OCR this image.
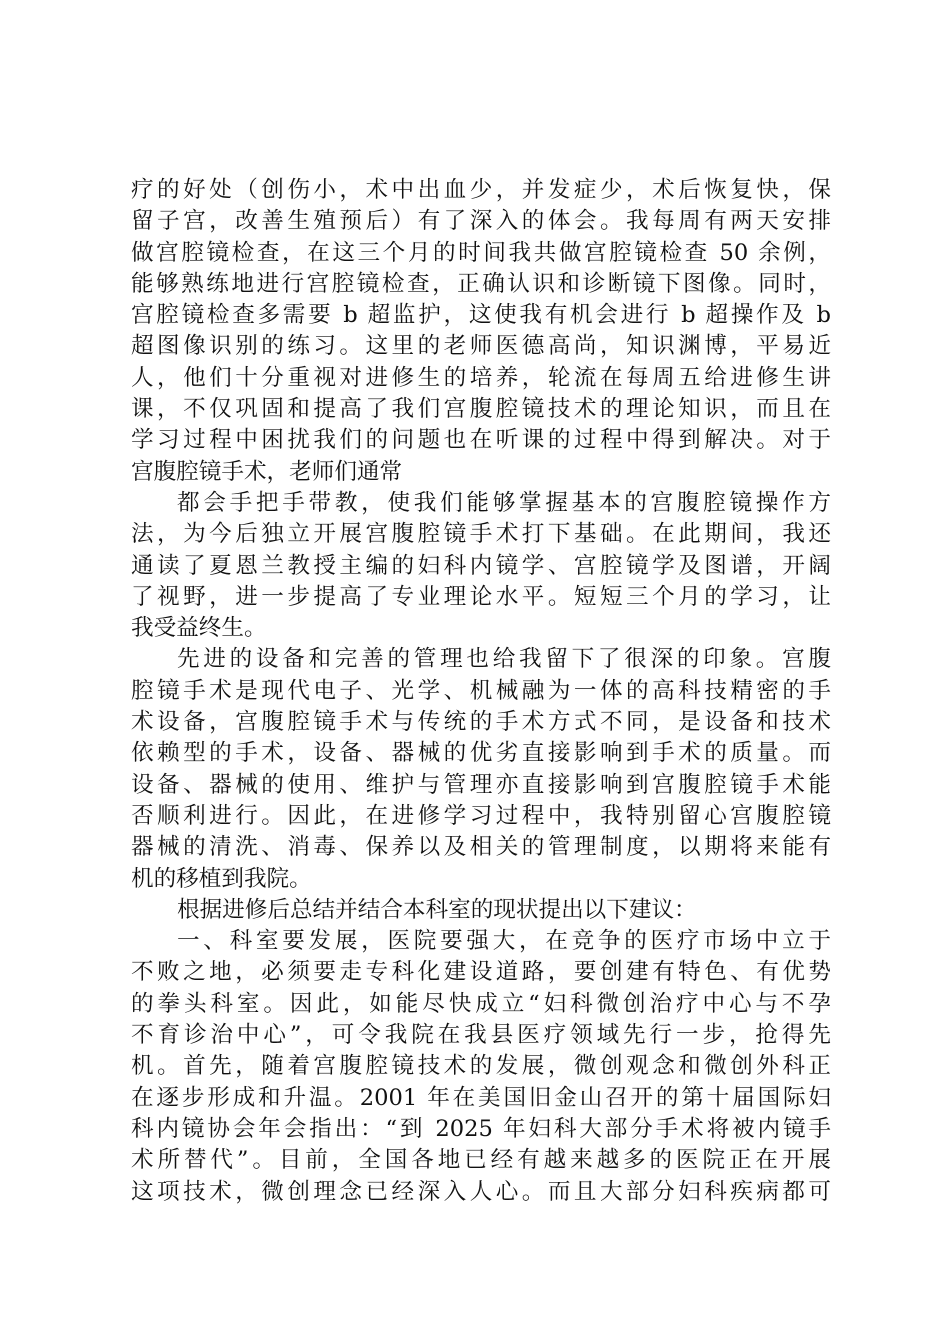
疗的好处（创伤小，术中出血少，并发症少，术后恢复快，保
留子宫，改善生殖预后）有了深入的体会。我每周有两天安排
做宫腔镜检查，在这三个月的时间我共做宫腔镜检查 50 余例，
能够熟练地进行宫腔镜检查，正确认识和诊断镜下图像。同时，
宫腔镜检查多需要 b 超监护，这使我有机会进行 b 超操作及 b
超图像识别的练习。这里的老师医德高尚，知识渊博，平易近
人，他们十分重视对进修生的培养，轮流在每周五给进修生讲
课，不仅巩固和提高了我们宫腹腔镜技术的理论知识，而且在
学习过程中困扰我们的问题也在听课的过程中得到解决。对于
宫腹腔镜手术，老师们通常
都会手把手带教，使我们能够掌握基本的宫腹腔镜操作方
法，为今后独立开展宫腹腔镜手术打下基础。在此期间，我还
通读了夏恩兰教授主编的妇科内镜学、宫腔镜学及图谱，开阔
了视野，进一步提高了专业理论水平。短短三个月的学习，让
我受益终生。
先进的设备和完善的管理也给我留下了很深的印象。宫腹
腔镜手术是现代电子、光学、机械融为一体的高科技精密的手
术设备，宫腹腔镜手术与传统的手术方式不同，是设备和技术
依赖型的手术，设备、器械的优劣直接影响到手术的质量。而
设备、器械的使用、维护与管理亦直接影响到宫腹腔镜手术能
否顺利进行。因此，在进修学习过程中，我特别留心宫腹腔镜
器械的清洗、消毒、保养以及相关的管理制度，以期将来能有
机的移植到我院。
根据进修后总结并结合本科室的现状提出以下建议：
一、科室要发展，医院要强大，在竞争的医疗市场中立于
不败之地，必须要走专科化建设道路，要创建有特色、有优势
的拳头科室。因此，如能尽快成立“妇科微创治疗中心与不孕
不育诊治中心”，可令我院在我县医疗领域先行一步，抢得先
机。首先，随着宫腹腔镜技术的发展，微创观念和微创外科正
在逐步形成和升温。2001 年在美国旧金山召开的第十届国际妇
科内镜协会年会指出：“到 2025 年妇科大部分手术将被内镜手
术所替代”。目前，全国各地已经有越来越多的医院正在开展
这项技术，微创理念已经深入人心。而且大部分妇科疾病都可
